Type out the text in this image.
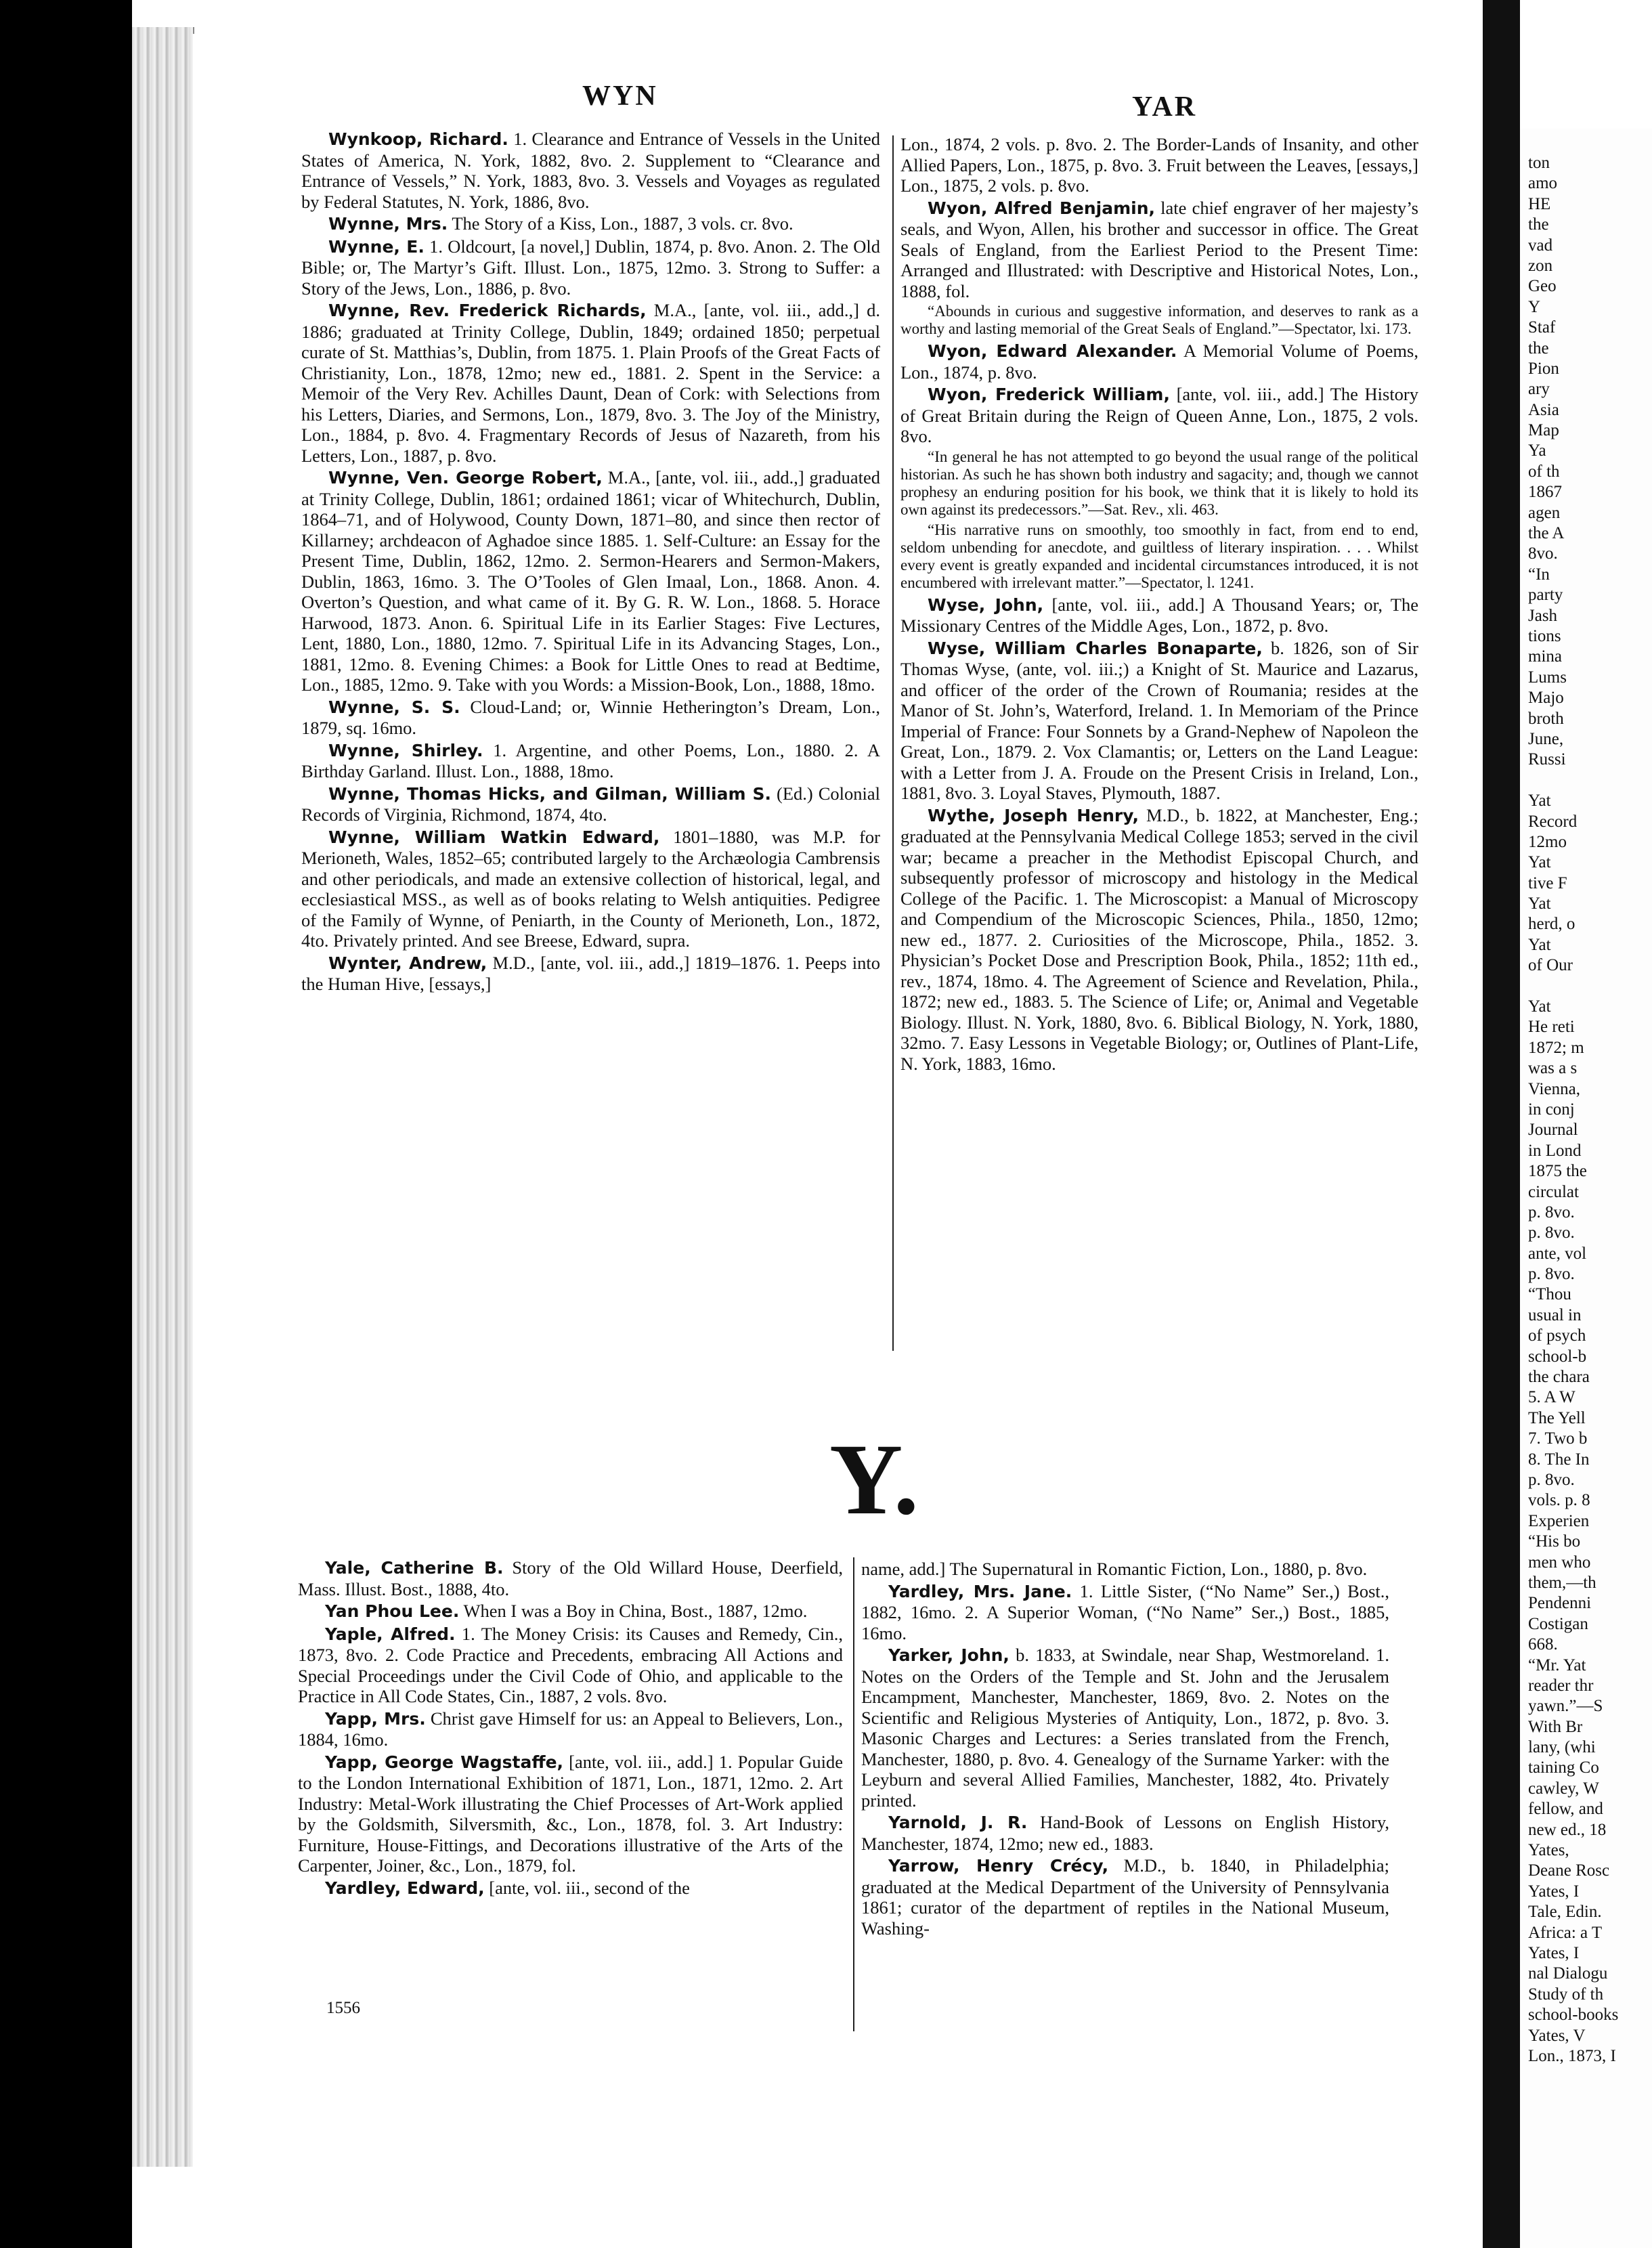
WYN	YAR

Wynkoop, Richard. 1. Clearance and Entrance of Vessels in the United States of America, N. York, 1882, 8vo. 2. Supplement to “Clearance and Entrance of Vessels,” N. York, 1883, 8vo. 3. Vessels and Voyages as regulated by Federal Statutes, N. York, 1886, 8vo.

Wynne, Mrs. The Story of a Kiss, Lon., 1887, 3 vols. cr. 8vo.

Wynne, E. 1. Oldcourt, [a novel,] Dublin, 1874, p. 8vo. Anon. 2. The Old Bible; or, The Martyr’s Gift. Illust. Lon., 1875, 12mo. 3. Strong to Suffer: a Story of the Jews, Lon., 1886, p. 8vo.

Wynne, Rev. Frederick Richards, M.A., [ante, vol. iii., add.,] d. 1886; graduated at Trinity College, Dublin, 1849; ordained 1850; perpetual curate of St. Matthias’s, Dublin, from 1875. 1. Plain Proofs of the Great Facts of Christianity, Lon., 1878, 12mo; new ed., 1881. 2. Spent in the Service: a Memoir of the Very Rev. Achilles Daunt, Dean of Cork: with Selections from his Letters, Diaries, and Sermons, Lon., 1879, 8vo. 3. The Joy of the Ministry, Lon., 1884, p. 8vo. 4. Fragmentary Records of Jesus of Nazareth, from his Letters, Lon., 1887, p. 8vo.

Wynne, Ven. George Robert, M.A., [ante, vol. iii., add.,] graduated at Trinity College, Dublin, 1861; ordained 1861; vicar of Whitechurch, Dublin, 1864–71, and of Holywood, County Down, 1871–80, and since then rector of Killarney; archdeacon of Aghadoe since 1885. 1. Self-Culture: an Essay for the Present Time, Dublin, 1862, 12mo. 2. Sermon-Hearers and Sermon-Makers, Dublin, 1863, 16mo. 3. The O’Tooles of Glen Imaal, Lon., 1868. Anon. 4. Overton’s Question, and what came of it. By G. R. W. Lon., 1868. 5. Horace Harwood, 1873. Anon. 6. Spiritual Life in its Earlier Stages: Five Lectures, Lent, 1880, Lon., 1880, 12mo. 7. Spiritual Life in its Advancing Stages, Lon., 1881, 12mo. 8. Evening Chimes: a Book for Little Ones to read at Bedtime, Lon., 1885, 12mo. 9. Take with you Words: a Mission-Book, Lon., 1888, 18mo.

Wynne, S. S. Cloud-Land; or, Winnie Hetherington’s Dream, Lon., 1879, sq. 16mo.

Wynne, Shirley. 1. Argentine, and other Poems, Lon., 1880. 2. A Birthday Garland. Illust. Lon., 1888, 18mo.

Wynne, Thomas Hicks, and Gilman, William S. (Ed.) Colonial Records of Virginia, Richmond, 1874, 4to.

Wynne, William Watkin Edward, 1801–1880, was M.P. for Merioneth, Wales, 1852–65; contributed largely to the Archæologia Cambrensis and other periodicals, and made an extensive collection of historical, legal, and ecclesiastical MSS., as well as of books relating to Welsh antiquities. Pedigree of the Family of Wynne, of Peniarth, in the County of Merioneth, Lon., 1872, 4to. Privately printed. And see Breese, Edward, supra.

Wynter, Andrew, M.D., [ante, vol. iii., add.,] 1819–1876. 1. Peeps into the Human Hive, [essays,]

Lon., 1874, 2 vols. p. 8vo. 2. The Border-Lands of Insanity, and other Allied Papers, Lon., 1875, p. 8vo. 3. Fruit between the Leaves, [essays,] Lon., 1875, 2 vols. p. 8vo.

Wyon, Alfred Benjamin, late chief engraver of her majesty’s seals, and Wyon, Allen, his brother and successor in office. The Great Seals of England, from the Earliest Period to the Present Time: Arranged and Illustrated: with Descriptive and Historical Notes, Lon., 1888, fol.

“Abounds in curious and suggestive information, and deserves to rank as a worthy and lasting memorial of the Great Seals of England.”—Spectator, lxi. 173.

Wyon, Edward Alexander. A Memorial Volume of Poems, Lon., 1874, p. 8vo.

Wyon, Frederick William, [ante, vol. iii., add.] The History of Great Britain during the Reign of Queen Anne, Lon., 1875, 2 vols. 8vo.

“In general he has not attempted to go beyond the usual range of the political historian. As such he has shown both industry and sagacity; and, though we cannot prophesy an enduring position for his book, we think that it is likely to hold its own against its predecessors.”—Sat. Rev., xli. 463.

“His narrative runs on smoothly, too smoothly in fact, from end to end, seldom unbending for anecdote, and guiltless of literary inspiration. . . . Whilst every event is greatly expanded and incidental circumstances introduced, it is not encumbered with irrelevant matter.”—Spectator, l. 1241.

Wyse, John, [ante, vol. iii., add.] A Thousand Years; or, The Missionary Centres of the Middle Ages, Lon., 1872, p. 8vo.

Wyse, William Charles Bonaparte, b. 1826, son of Sir Thomas Wyse, (ante, vol. iii.;) a Knight of St. Maurice and Lazarus, and officer of the order of the Crown of Roumania; resides at the Manor of St. John’s, Waterford, Ireland. 1. In Memoriam of the Prince Imperial of France: Four Sonnets by a Grand-Nephew of Napoleon the Great, Lon., 1879. 2. Vox Clamantis; or, Letters on the Land League: with a Letter from J. A. Froude on the Present Crisis in Ireland, Lon., 1881, 8vo. 3. Loyal Staves, Plymouth, 1887.

Wythe, Joseph Henry, M.D., b. 1822, at Manchester, Eng.; graduated at the Pennsylvania Medical College 1853; served in the civil war; became a preacher in the Methodist Episcopal Church, and subsequently professor of microscopy and histology in the Medical College of the Pacific. 1. The Microscopist: a Manual of Microscopy and Compendium of the Microscopic Sciences, Phila., 1850, 12mo; new ed., 1877. 2. Curiosities of the Microscope, Phila., 1852. 3. Physician’s Pocket Dose and Prescription Book, Phila., 1852; 11th ed., rev., 1874, 18mo. 4. The Agreement of Science and Revelation, Phila., 1872; new ed., 1883. 5. The Science of Life; or, Animal and Vegetable Biology. Illust. N. York, 1880, 8vo. 6. Biblical Biology, N. York, 1880, 32mo. 7. Easy Lessons in Vegetable Biology; or, Outlines of Plant-Life, N. York, 1883, 16mo.

Y.

Yale, Catherine B. Story of the Old Willard House, Deerfield, Mass. Illust. Bost., 1888, 4to.

Yan Phou Lee. When I was a Boy in China, Bost., 1887, 12mo.

Yaple, Alfred. 1. The Money Crisis: its Causes and Remedy, Cin., 1873, 8vo. 2. Code Practice and Precedents, embracing All Actions and Special Proceedings under the Civil Code of Ohio, and applicable to the Practice in All Code States, Cin., 1887, 2 vols. 8vo.

Yapp, Mrs. Christ gave Himself for us: an Appeal to Believers, Lon., 1884, 16mo.

Yapp, George Wagstaffe, [ante, vol. iii., add.] 1. Popular Guide to the London International Exhibition of 1871, Lon., 1871, 12mo. 2. Art Industry: Metal-Work illustrating the Chief Processes of Art-Work applied by the Goldsmith, Silversmith, &c., Lon., 1878, fol. 3. Art Industry: Furniture, House-Fittings, and Decorations illustrative of the Arts of the Carpenter, Joiner, &c., Lon., 1879, fol.

Yardley, Edward, [ante, vol. iii., second of the

name, add.] The Supernatural in Romantic Fiction, Lon., 1880, p. 8vo.

Yardley, Mrs. Jane. 1. Little Sister, (“No Name” Ser.,) Bost., 1882, 16mo. 2. A Superior Woman, (“No Name” Ser.,) Bost., 1885, 16mo.

Yarker, John, b. 1833, at Swindale, near Shap, Westmoreland. 1. Notes on the Orders of the Temple and St. John and the Jerusalem Encampment, Manchester, Manchester, 1869, 8vo. 2. Notes on the Scientific and Religious Mysteries of Antiquity, Lon., 1872, p. 8vo. 3. Masonic Charges and Lectures: a Series translated from the French, Manchester, 1880, p. 8vo. 4. Genealogy of the Surname Yarker: with the Leyburn and several Allied Families, Manchester, 1882, 4to. Privately printed.

Yarnold, J. R. Hand-Book of Lessons on English History, Manchester, 1874, 12mo; new ed., 1883.

Yarrow, Henry Crécy, M.D., b. 1840, in Philadelphia; graduated at the Medical Department of the University of Pennsylvania 1861; curator of the department of reptiles in the National Museum, Washing-

1556
ton
amo
HE
the
vad
zon
Geo
Y
Staf
the
Pion
ary
Asia
Map
Ya
of th
1867
agen
the A
8vo.
“In
party
Jash
tions
mina
Lums
Majo
broth
June,
Russi
Yat
Record
12mo
Yat
tive F
Yat
herd, o
Yat
of Our
Yat
He reti
1872; m
was a s
Vienna,
in conj
Journal
in Lond
1875 the
circulat
p. 8vo.
p. 8vo.
ante, vol
p. 8vo.
“Thou
usual in
of psych
school-b
the chara
5. A W
The Yell
7. Two b
8. The In
p. 8vo.
vols. p. 8
Experien
“His bo
men who
them,—th
Pendenni
Costigan
668.
“Mr. Yat
reader thr
yawn.”—S
With Br
lany, (whi
taining Co
cawley, W
fellow, and
new ed., 18
Yates,
Deane Rosc
Yates, I
Tale, Edin.
Africa: a T
Yates, I
nal Dialogu
Study of th
school-books
Yates, V
Lon., 1873, I
